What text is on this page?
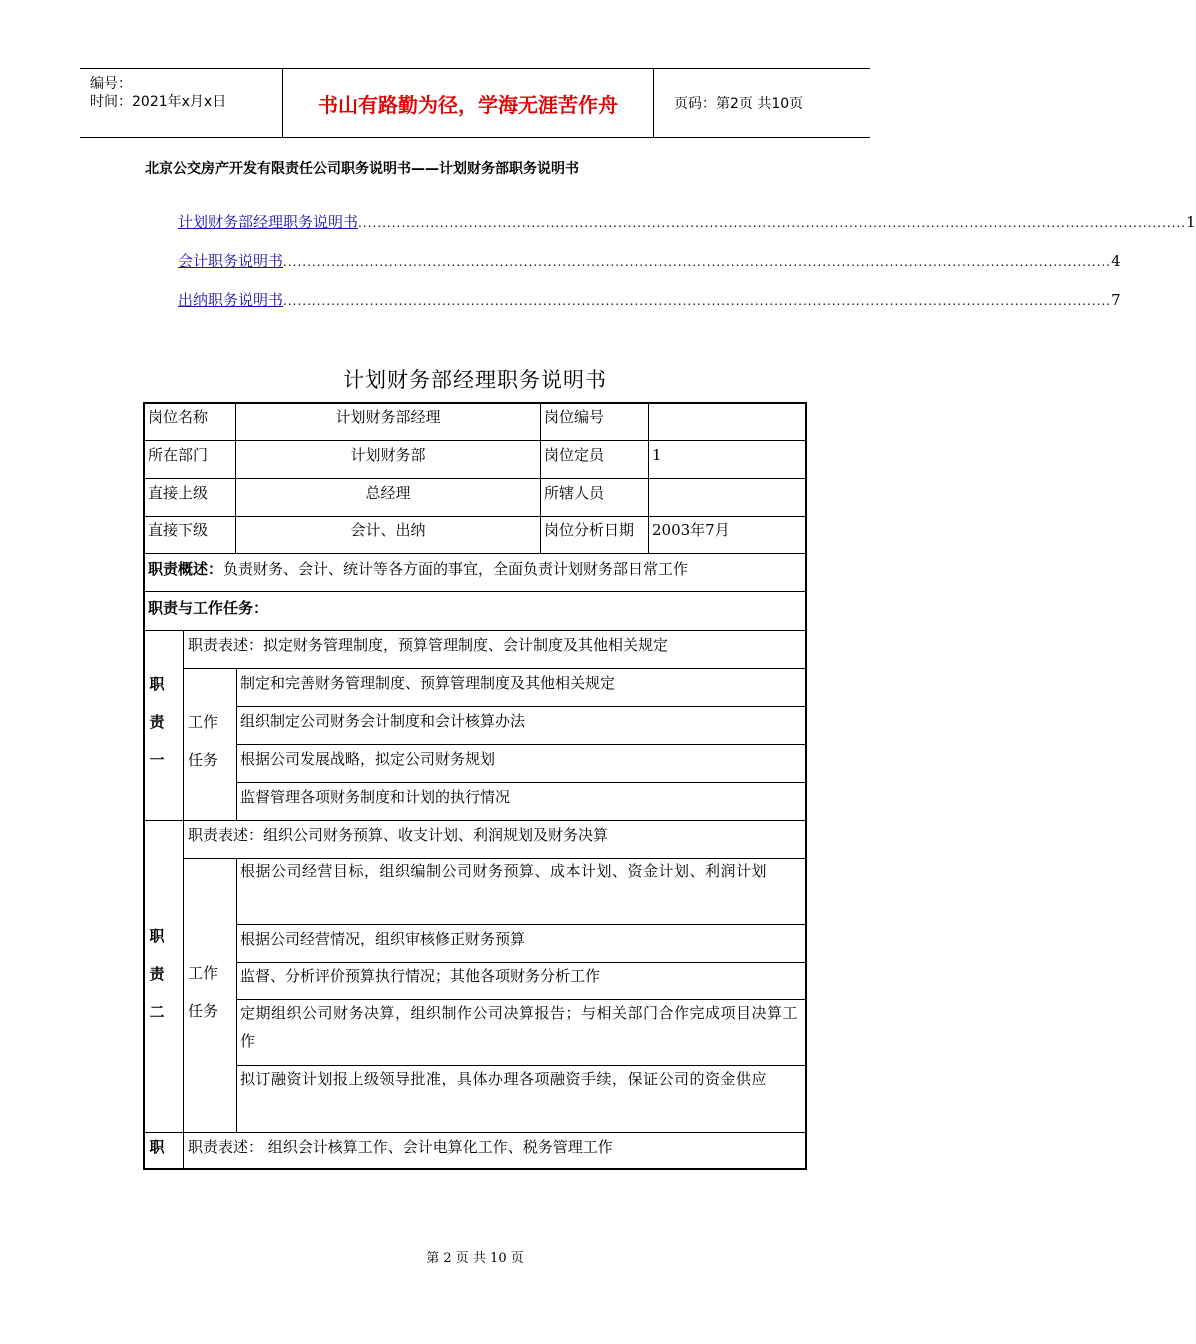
编号：
时间：2021年x月x日	书山有路勤为径，学海无涯苦作舟	页码：第2页 共10页
北京公交房产开发有限责任公司职务说明书——计划财务部职务说明书
计划财务部经理职务说明书 ............................................................................................................................................................................ 1
会计职务说明书 ............................................................................................................................................................................ 4
出纳职务说明书 ............................................................................................................................................................................ 7
计划财务部经理职务说明书
岗位名称	计划财务部经理	岗位编号
所在部门	计划财务部	岗位定员	1
直接上级	总经理	所辖人员
直接下级	会计、出纳	岗位分析日期 2003年7月
职责概述：负责财务、会计、统计等各方面的事宜，全面负责计划财务部日常工作
职责与工作任务：
职
责
一
职责表述：拟定财务管理制度，预算管理制度、会计制度及其他相关规定
工作
任务
制定和完善财务管理制度、预算管理制度及其他相关规定
组织制定公司财务会计制度和会计核算办法
根据公司发展战略，拟定公司财务规划
监督管理各项财务制度和计划的执行情况
职
责
二
职责表述：组织公司财务预算、收支计划、利润规划及财务决算
工作
任务
根据公司经营目标，组织编制公司财务预算、成本计划、资金计划、利润计划
根据公司经营情况，组织审核修正财务预算
监督、分析评价预算执行情况；其他各项财务分析工作
定期组织公司财务决算，组织制作公司决算报告；与相关部门合作完成项目决算工作
拟订融资计划报上级领导批准，具体办理各项融资手续，保证公司的资金供应
职 职责表述： 组织会计核算工作、会计电算化工作、税务管理工作
第 2 页 共 10 页
